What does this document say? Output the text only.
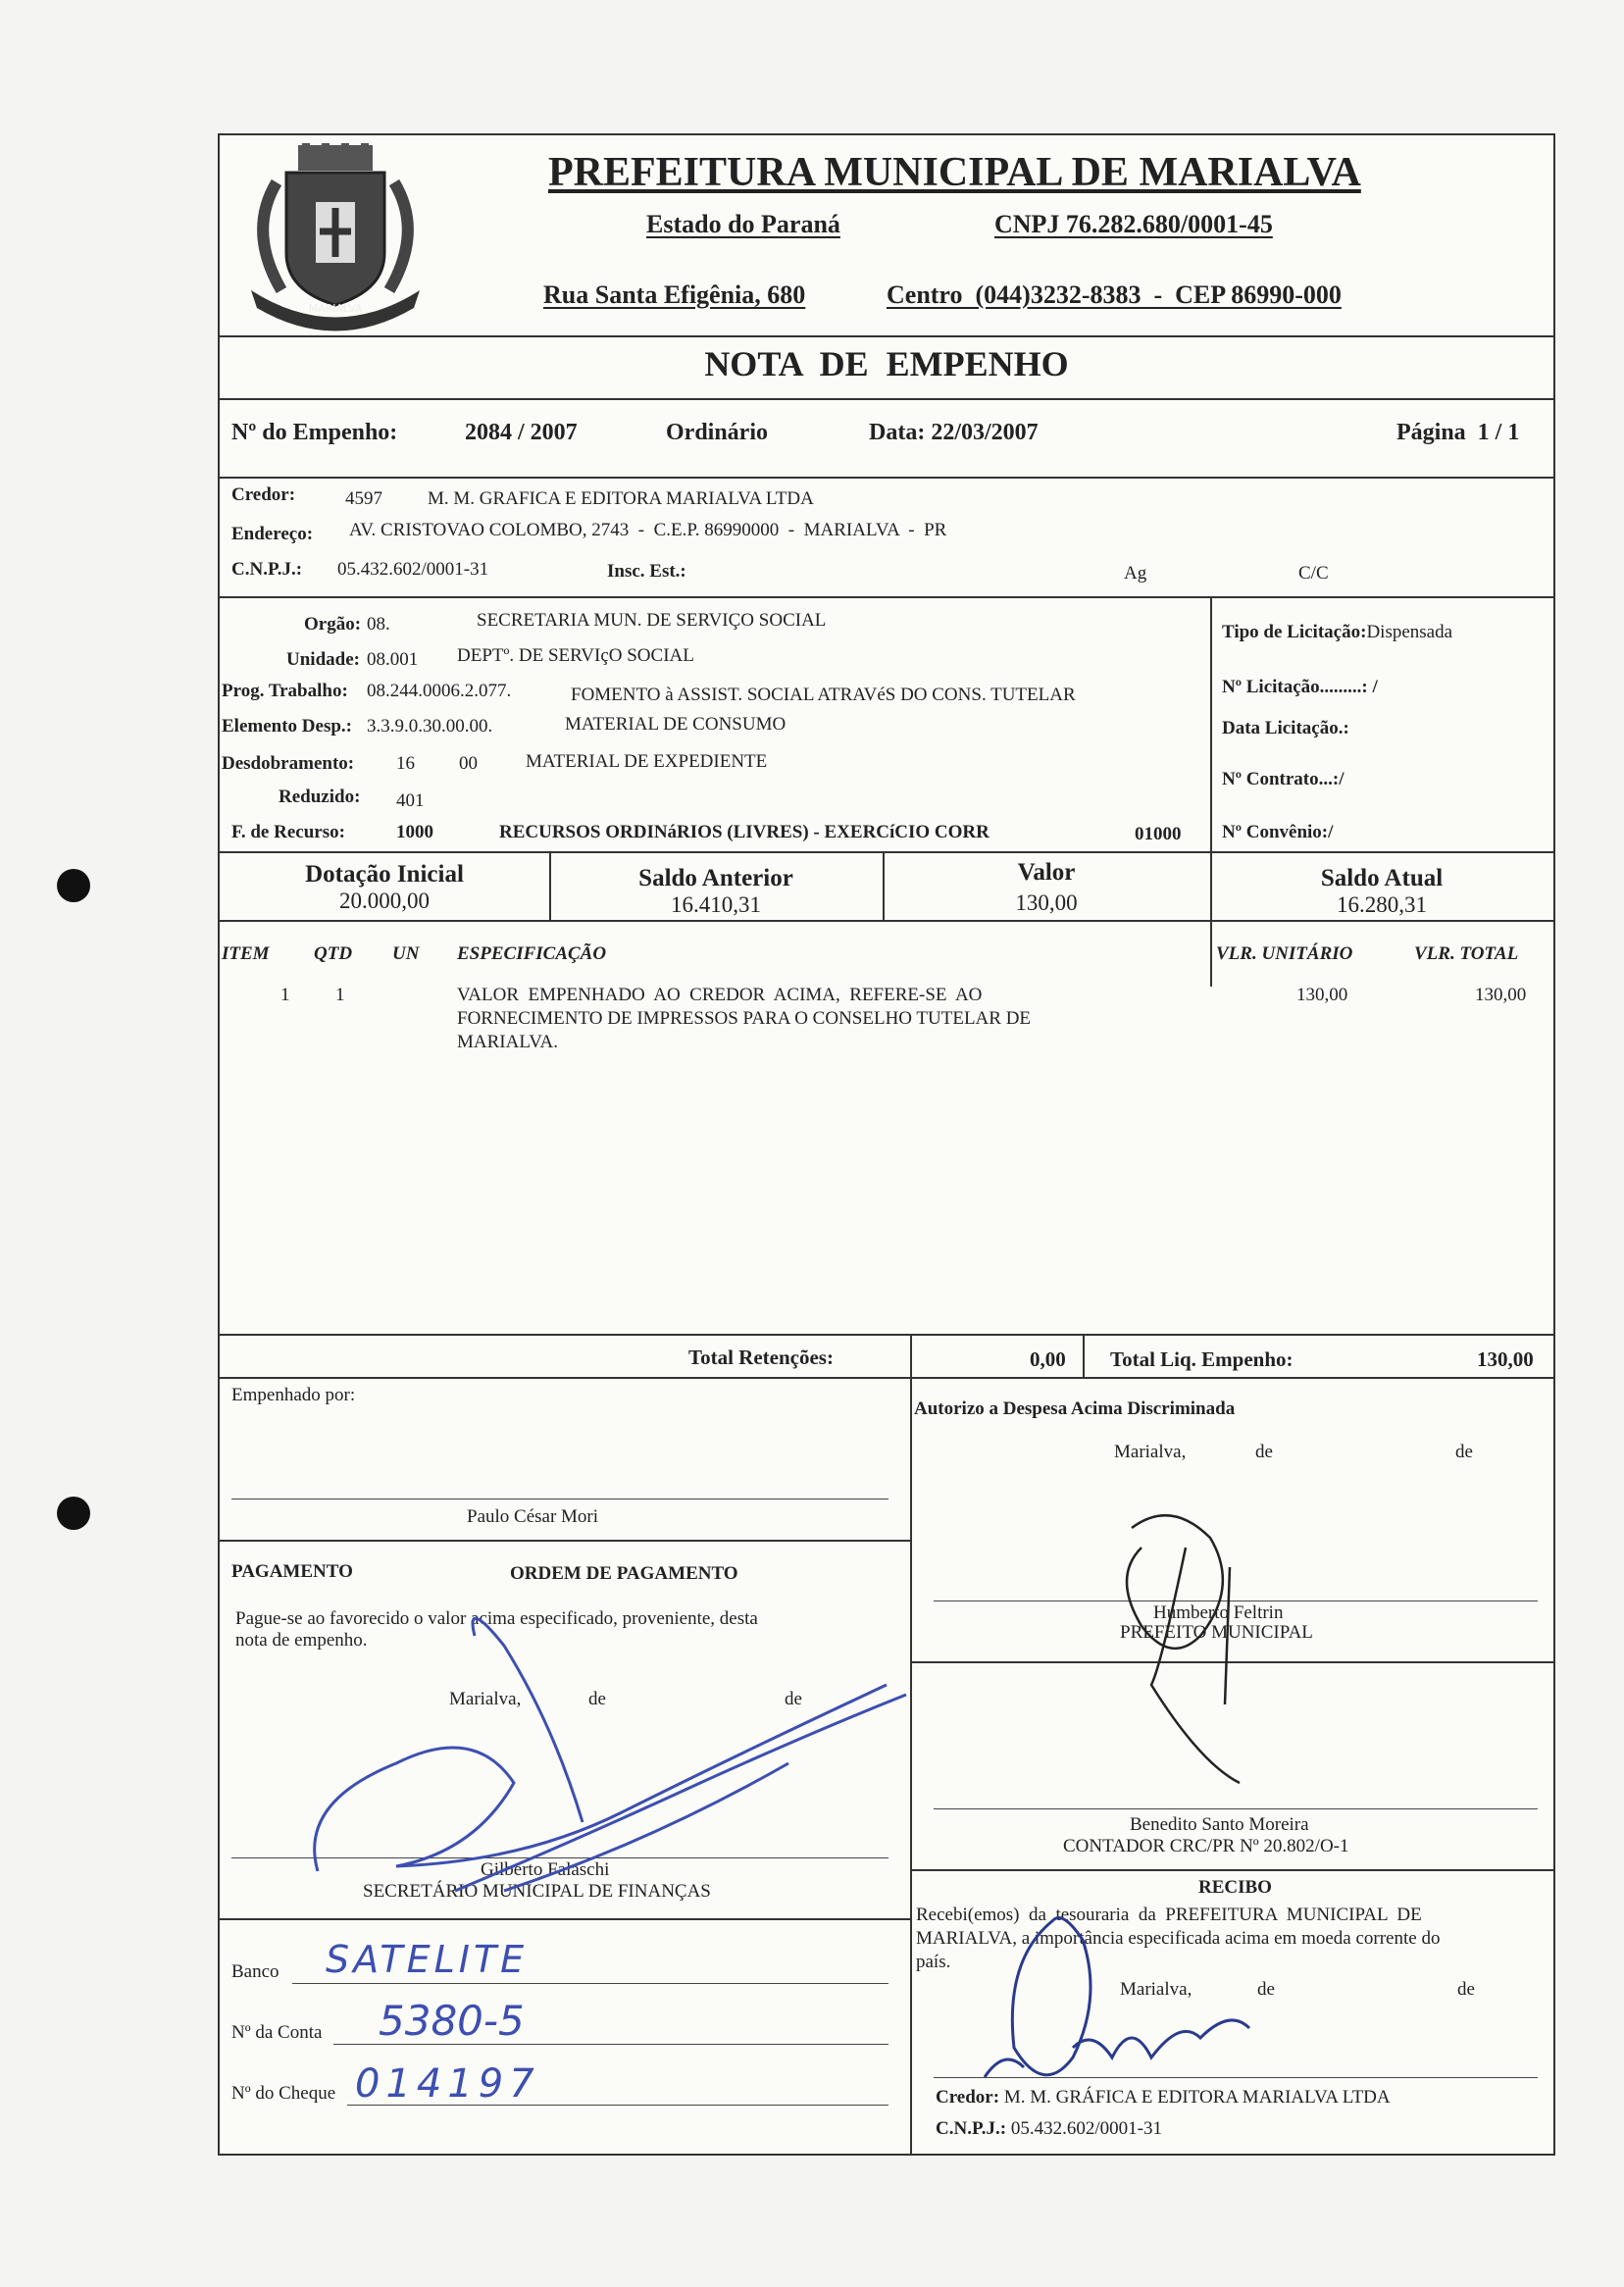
MARIALVA
PREFEITURA MUNICIPAL DE MARIALVA
Estado do Paraná	CNPJ 76.282.680/0001-45
Rua Santa Efigênia, 680	Centro  (044)3232-8383  -  CEP 86990-000
NOTA  DE  EMPENHO
Nº do Empenho:	2084 / 2007	Ordinário	Data: 22/03/2007	Página  1 / 1
Credor:	4597 M. M. GRAFICA E EDITORA MARIALVA LTDA
Endereço: AV. CRISTOVAO COLOMBO, 2743  -  C.E.P. 86990000  -  MARIALVA  -  PR
C.N.P.J.: 05.432.602/0001-31	Insc. Est.:	Ag	C/C
Orgão: 08.	SECRETARIA MUN. DE SERVIÇO SOCIAL
Unidade: 08.001 DEPTº. DE SERVIçO SOCIAL
Prog. Trabalho: 08.244.0006.2.077.	FOMENTO à ASSIST. SOCIAL ATRAVéS DO CONS. TUTELAR
Elemento Desp.: 3.3.9.0.30.00.00.	MATERIAL DE CONSUMO
Desdobramento: 16 00	MATERIAL DE EXPEDIENTE
Reduzido: 401
F. de Recurso:	1000	RECURSOS ORDINáRIOS (LIVRES) - EXERCíCIO CORR	01000
Tipo de Licitação:Dispensada
Nº Licitação.........: /
Data Licitação.:
Nº Contrato...:/
Nº Convênio:/
Dotação Inicial
20.000,00
Saldo Anterior
16.410,31
Valor
130,00
Saldo Atual
16.280,31
ITEM QTD UN ESPECIFICAÇÃO	VLR. UNITÁRIO	VLR. TOTAL
1 1	VALOR  EMPENHADO  AO  CREDOR  ACIMA,  REFERE-SE  AO
FORNECIMENTO DE IMPRESSOS PARA O CONSELHO TUTELAR DE
MARIALVA.
130,00	130,00
Total Retenções:	0,00 Total Liq. Empenho:	130,00
Empenhado por:
Paulo César Mori
PAGAMENTO	ORDEM DE PAGAMENTO
Pague-se ao favorecido o valor acima especificado, proveniente, desta
nota de empenho.
Marialva,	de	de
Gilberto Falaschi
SECRETÁRIO MUNICIPAL DE FINANÇAS
Banco SATELITE
Nº da Conta 5380-5
Nº do Cheque 014197
Autorizo a Despesa Acima Discriminada
Marialva,	de	de
Humberto Feltrin
PREFEITO MUNICIPAL
Benedito Santo Moreira
CONTADOR CRC/PR Nº 20.802/O-1
RECIBO
Recebi(emos)  da  tesouraria  da  PREFEITURA  MUNICIPAL  DE
MARIALVA, a importância especificada acima em moeda corrente do
país.
Marialva,	de	de
Credor: M. M. GRÁFICA E EDITORA MARIALVA LTDA
C.N.P.J.: 05.432.602/0001-31
